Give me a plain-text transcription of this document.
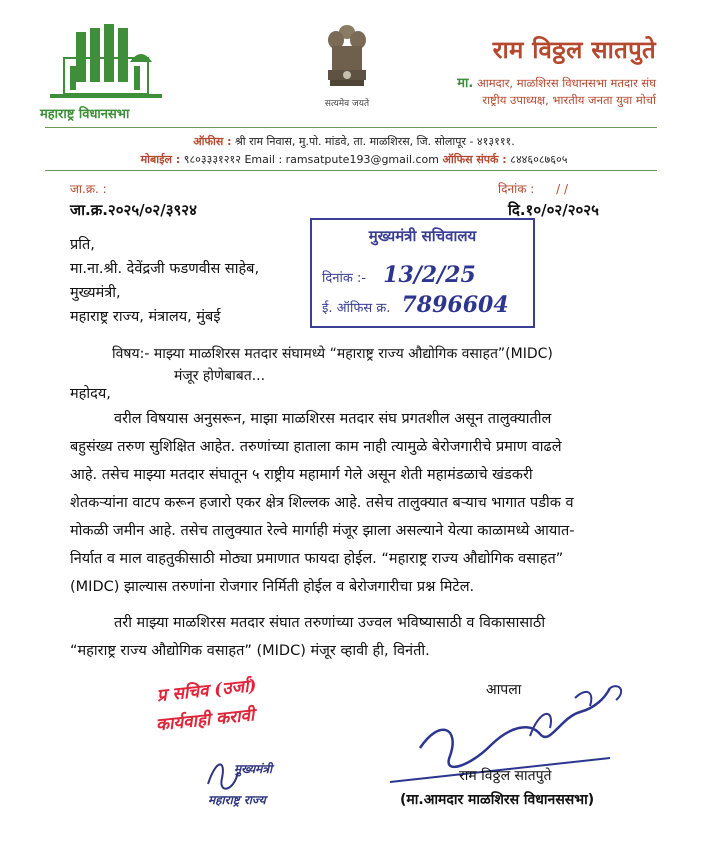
महाराष्ट्र विधानसभा
सत्यमेव जयते
राम विठ्ठल सातपुते
मा. आमदार, माळशिरस विधानसभा मतदार संघ
राष्ट्रीय उपाध्यक्ष, भारतीय जनता युवा मोर्चा
ऑफीस : श्री राम निवास, मु.पो. मांडवे, ता. माळशिरस, जि. सोलापूर - ४१३१११.
मोबाईल : ९८०३३३१२१२ Email : ramsatpute193@gmail.com ऑफिस संपर्क : ८४४६०८७६०५
जा.क्र. :	दिनांक : / /
जा.क्र.२०२५/०२/३९२४	दि.१०/०२/२०२५
प्रति,
मा.ना.श्री. देवेंद्रजी फडणवीस साहेब,
मुख्यमंत्री,
महाराष्ट्र राज्य, मंत्रालय, मुंबई
मुख्यमंत्री सचिवालय
दिनांक :- 13/2/25
ई. ऑफिस क्र. 7896604
विषय:- माझ्या माळशिरस मतदार संघामध्ये “महाराष्ट्र राज्य औद्योगिक वसाहत”(MIDC)
मंजूर होणेबाबत...
महोदय,
वरील विषयास अनुसरून, माझा माळशिरस मतदार संघ प्रगतशील असून तालुक्यातील
बहुसंख्य तरुण सुशिक्षित आहेत. तरुणांच्या हाताला काम नाही त्यामुळे बेरोजगारीचे प्रमाण वाढले
आहे. तसेच माझ्या मतदार संघातून ५ राष्ट्रीय महामार्ग गेले असून शेती महामंडळाचे खंडकरी
शेतकऱ्यांना वाटप करून हजारो एकर क्षेत्र शिल्लक आहे. तसेच तालुक्यात बऱ्याच भागात पडीक व
मोकळी जमीन आहे. तसेच तालुक्यात रेल्वे मार्गाही मंजूर झाला असल्याने येत्या काळामध्ये आयात-
निर्यात व माल वाहतुकीसाठी मोठ्या प्रमाणात फायदा होईल. “महाराष्ट्र राज्य औद्योगिक वसाहत”
(MIDC) झाल्यास तरुणांना रोजगार निर्मिती होईल व बेरोजगारीचा प्रश्न मिटेल.
तरी माझ्या माळशिरस मतदार संघात तरुणांच्या उज्वल भविष्यासाठी व विकासासाठी
“महाराष्ट्र राज्य औद्योगिक वसाहत” (MIDC) मंजूर व्हावी ही, विनंती.
प्र सचिव (उर्जा)
कार्यवाही करावी
मुख्यमंत्री
महाराष्ट्र राज्य
आपला
राम विठ्ठल सातपुते
(मा.आमदार माळशिरस विधानससभा)
